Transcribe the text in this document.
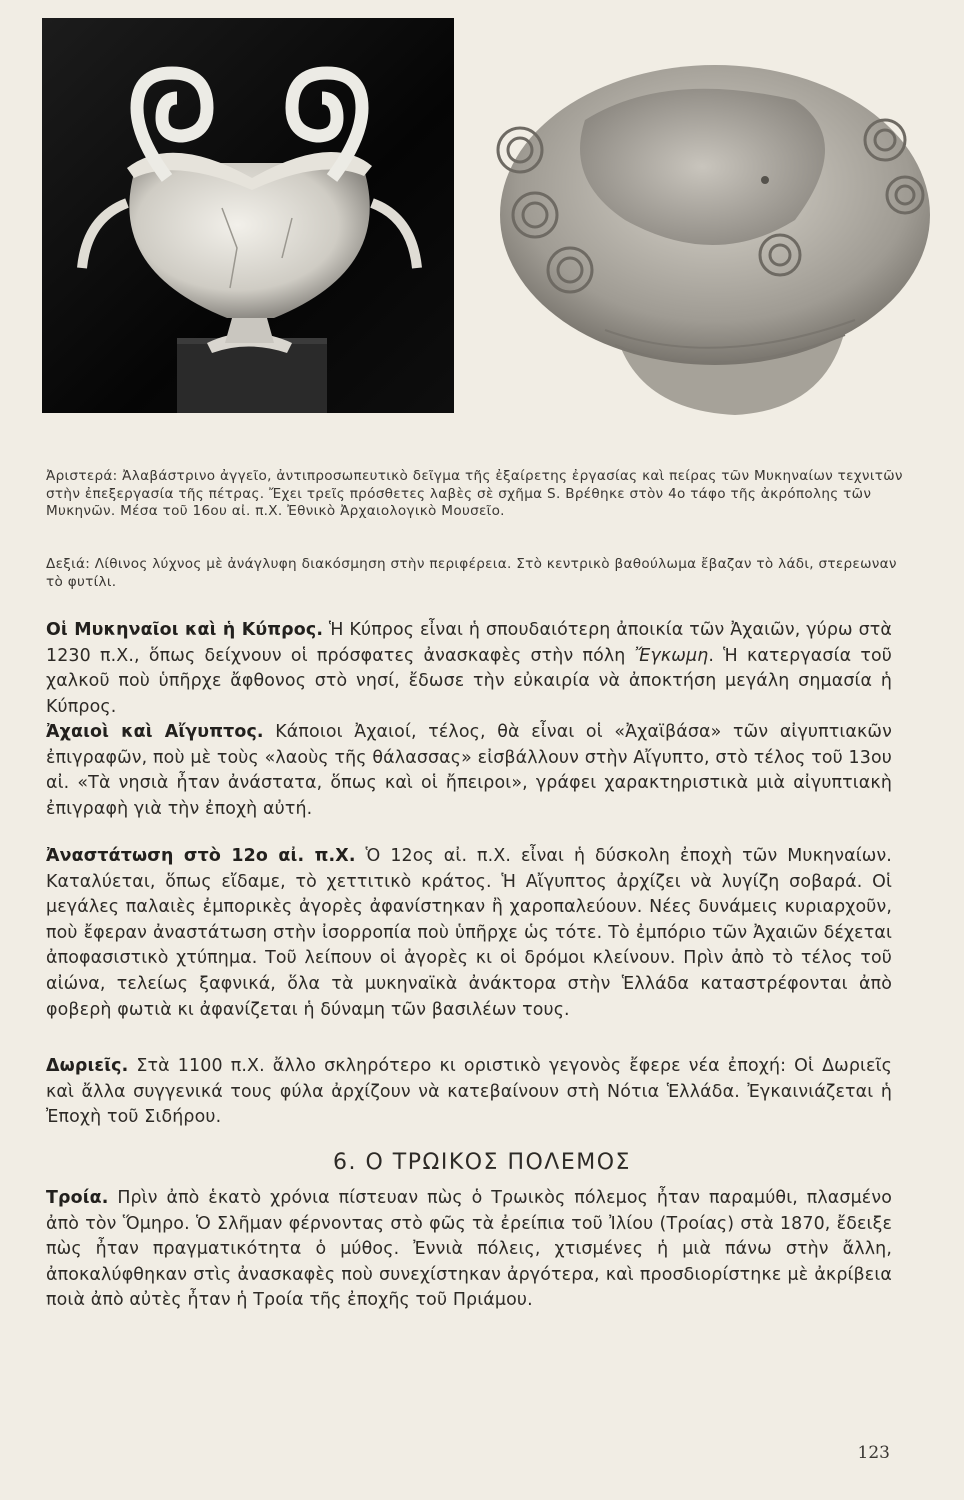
Ἀριστερά: Ἀλαβάστρινο ἀγγεῖο, ἀντιπροσωπευτικὸ δεῖγμα τῆς ἐξαίρετης ἐργασίας καὶ πείρας τῶν Μυκηναίων τεχνιτῶν στὴν ἐπεξεργασία τῆς πέτρας. Ἔχει τρεῖς πρόσθετες λαβὲς σὲ σχῆμα S. Βρέθηκε στὸν 4ο τάφο τῆς ἀκρόπολης τῶν Μυκηνῶν. Μέσα τοῦ 16ου αἰ. π.Χ. Ἐθνικὸ Ἀρχαιολογικὸ Μουσεῖο.

Δεξιά: Λίθινος λύχνος μὲ ἀνάγλυφη διακόσμηση στὴν περιφέρεια. Στὸ κεντρικὸ βαθούλωμα ἔβαζαν τὸ λάδι, στερεωναν τὸ φυτίλι.

Οἱ Μυκηναῖοι καὶ ἡ Κύπρος. Ἡ Κύπρος εἶναι ἡ σπουδαιότερη ἀποικία τῶν Ἀχαιῶν, γύρω στὰ 1230 π.Χ., ὅπως δείχνουν οἱ πρόσφατες ἀνασκαφὲς στὴν πόλη Ἔγκωμη. Ἡ κατεργασία τοῦ χαλκοῦ ποὺ ὑπῆρχε ἄφθονος στὸ νησί, ἔδωσε τὴν εὐκαιρία νὰ ἀποκτήση μεγάλη σημασία ἡ Κύπρος.

Ἀχαιοὶ καὶ Αἴγυπτος. Κάποιοι Ἀχαιοί, τέλος, θὰ εἶναι οἱ «Ἀχαϊβάσα» τῶν αἰγυπτιακῶν ἐπιγραφῶν, ποὺ μὲ τοὺς «λαοὺς τῆς θάλασσας» εἰσβάλλουν στὴν Αἴγυπτο, στὸ τέλος τοῦ 13ου αἰ. «Τὰ νησιὰ ἦταν ἀνάστατα, ὅπως καὶ οἱ ἤπειροι», γράφει χαρακτηριστικὰ μιὰ αἰγυπτιακὴ ἐπιγραφὴ γιὰ τὴν ἐποχὴ αὐτή.

Ἀναστάτωση στὸ 12ο αἰ. π.Χ. Ὁ 12ος αἰ. π.Χ. εἶναι ἡ δύσκολη ἐποχὴ τῶν Μυκηναίων. Καταλύεται, ὅπως εἴδαμε, τὸ χεττιτικὸ κράτος. Ἡ Αἴγυπτος ἀρχίζει νὰ λυγίζη σοβαρά. Οἱ μεγάλες παλαιὲς ἐμπορικὲς ἀγορὲς ἀφανίστηκαν ἢ χαροπαλεύουν. Νέες δυνάμεις κυριαρχοῦν, ποὺ ἔφεραν ἀναστάτωση στὴν ἰσορροπία ποὺ ὑπῆρχε ὡς τότε. Τὸ ἐμπόριο τῶν Ἀχαιῶν δέχεται ἀποφασιστικὸ χτύπημα. Τοῦ λείπουν οἱ ἀγορὲς κι οἱ δρόμοι κλείνουν. Πρὶν ἀπὸ τὸ τέλος τοῦ αἰώνα, τελείως ξαφνικά, ὅλα τὰ μυκηναϊκὰ ἀνάκτορα στὴν Ἑλλάδα καταστρέφονται ἀπὸ φοβερὴ φωτιὰ κι ἀφανίζεται ἡ δύναμη τῶν βασιλέων τους.

Δωριεῖς. Στὰ 1100 π.Χ. ἄλλο σκληρότερο κι οριστικὸ γεγονὸς ἔφερε νέα ἐποχή: Οἱ Δωριεῖς καὶ ἄλλα συγγενικά τους φύλα ἀρχίζουν νὰ κατεβαίνουν στὴ Νότια Ἑλλάδα. Ἐγκαινιάζεται ἡ Ἐποχὴ τοῦ Σιδήρου.

6. Ο ΤΡΩΙΚΟΣ ΠΟΛΕΜΟΣ

Τροία. Πρὶν ἀπὸ ἑκατὸ χρόνια πίστευαν πὼς ὁ Τρωικὸς πόλεμος ἦταν παραμύθι, πλασμένο ἀπὸ τὸν Ὅμηρο. Ὁ Σλῆμαν φέρνοντας στὸ φῶς τὰ ἐρείπια τοῦ Ἰλίου (Τροίας) στὰ 1870, ἔδειξε πὼς ἦταν πραγματικότητα ὁ μύθος. Ἐννιὰ πόλεις, χτισμένες ἡ μιὰ πάνω στὴν ἄλλη, ἀποκαλύφθηκαν στὶς ἀνασκαφὲς ποὺ συνεχίστηκαν ἀργότερα, καὶ προσδιορίστηκε μὲ ἀκρίβεια ποιὰ ἀπὸ αὐτὲς ἦταν ἡ Τροία τῆς ἐποχῆς τοῦ Πριάμου.

123
